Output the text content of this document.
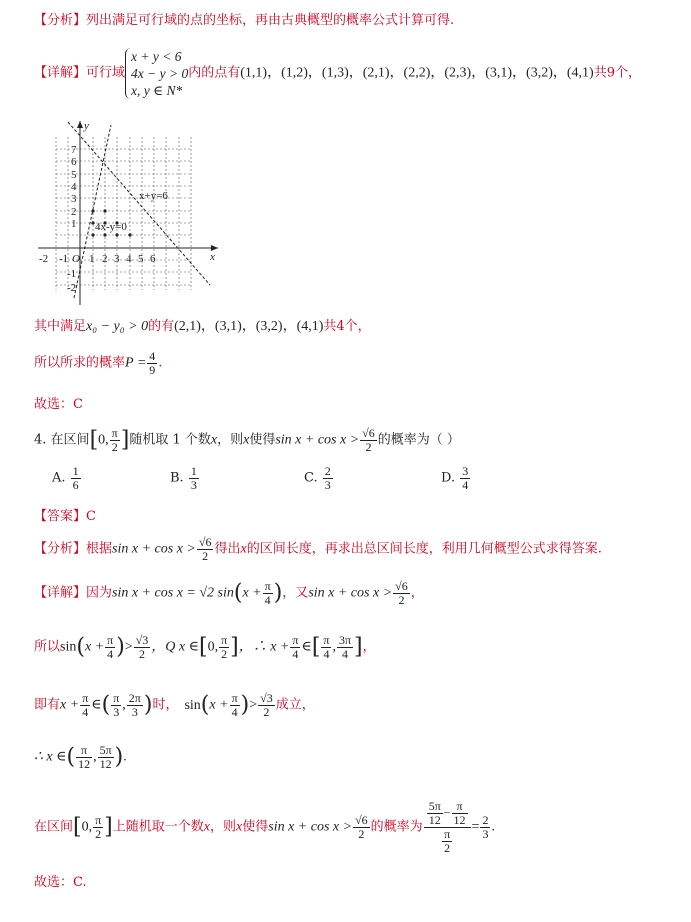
【分析】列出满足可行域的点的坐标，再由古典概型的概率公式计算可得.
【详解】可行域
x + y < 6
4x − y > 0
x, y ∈ N*
内的点有(1,1)，(1,2)，(1,3)，(2,1)，(2,2)，(2,3)，(3,1)，(3,2)，(4,1)共9个，
-2 -1 1 2 3 4 5 6
7
6
5
4
3
2
1
-1
-2
O	x
y
x+y=6
4x-y=0
其中满足x₀ − y₀ > 0的有(2,1)，(3,1)，(3,2)，(4,1)共4个，
所以所求的概率$P = \frac{4}{9}$ .
故选：C
4. 在区间[0, $\frac{\pi}{2}$ ]随机取 1 个数x，则x使得$\sin x + \cos x > \frac{√6}{2}$ 的概率为（ ）
A. $\frac{1}{6}$	B. $\frac{1}{3}$	C. $\frac{2}{3}$	D. $\frac{3}{4}$
【答案】C
【分析】根据$\sin x + \cos x > \frac{√6}{2}$ 得出x的区间长度，再求出总区间长度，利用几何概型公式求得答案.
【详解】因为sin x + cos x = √2 $\sin(x + \frac{\pi}{4}$ )，又$\sin x + \cos x > \frac{√6}{2}$ ，
所以$\sin(x + \frac{\pi}{4}$ )> $\frac{√3}{2}$ ，Q x ∈[0, $\frac{\pi}{2}$ ]，∴ $x + \frac{\pi}{4}$ ∈[ $\frac{\pi}{4}$ , $\frac{3\pi}{4}$ ]，
即有$x + \frac{\pi}{4}$ ∈( $\frac{\pi}{3}$ , $\frac{2\pi}{3}$ )时， $\sin(x + \frac{\pi}{4}$ )> $\frac{√3}{2}$ 成立，
∴ x ∈( $\frac{\pi}{12}$ , $\frac{5\pi}{12}$ ).
在区间[0, $\frac{\pi}{2}$ ]上随机取一个数x，则x使得$\sin x + \cos x > \frac{√6}{2}$ 的概率为 $\frac{\frac{5\pi}{12} - \frac{\pi}{12}}{\frac{\pi}{2}} = \frac{2}{3}$ .
故选：C.
